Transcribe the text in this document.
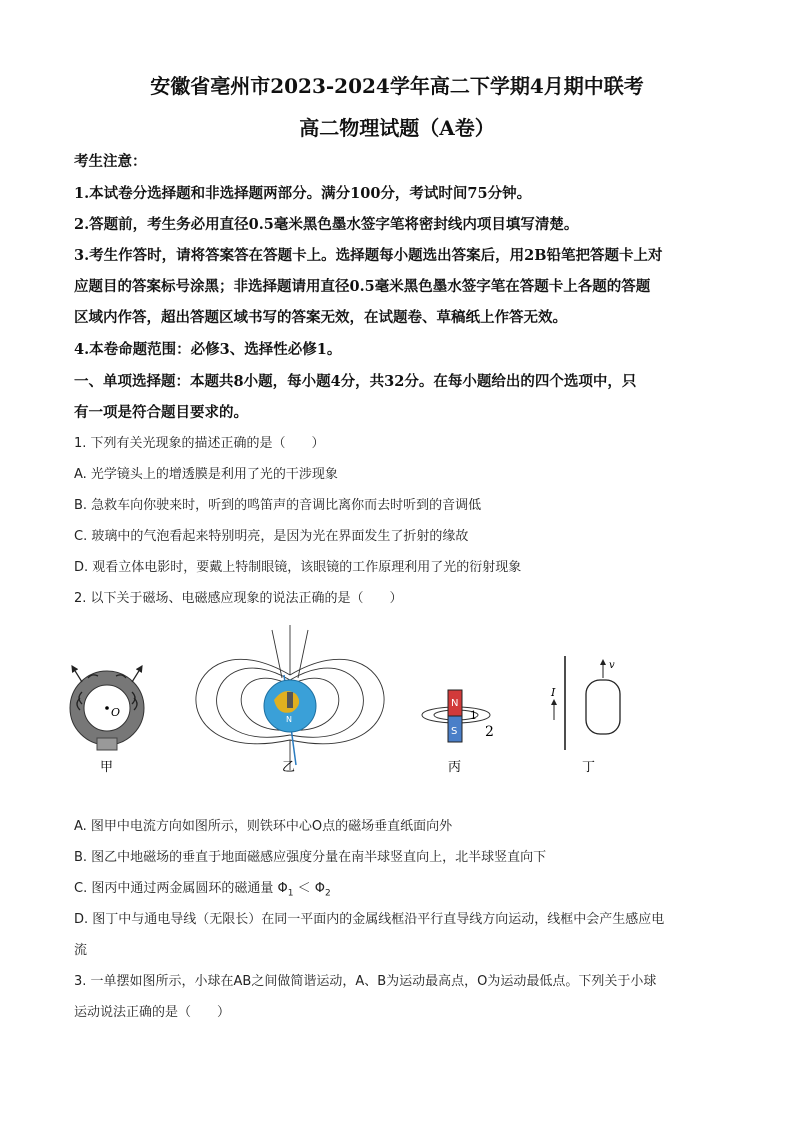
安徽省亳州市2023-2024学年高二下学期4月期中联考
高二物理试题（A卷）
考生注意：
1.本试卷分选择题和非选择题两部分。满分100分，考试时间75分钟。
2.答题前，考生务必用直径0.5毫米黑色墨水签字笔将密封线内项目填写清楚。
3.考生作答时，请将答案答在答题卡上。选择题每小题选出答案后，用2B铅笔把答题卡上对
应题目的答案标号涂黑；非选择题请用直径0.5毫米黑色墨水签字笔在答题卡上各题的答题
区域内作答，超出答题区域书写的答案无效，在试题卷、草稿纸上作答无效。
4.本卷命题范围：必修3、选择性必修1。
一、单项选择题：本题共8小题，每小题4分，共32分。在每小题给出的四个选项中，只
有一项是符合题目要求的。
1. 下列有关光现象的描述正确的是（　　）
A. 光学镜头上的增透膜是利用了光的干涉现象
B. 急救车向你驶来时，听到的鸣笛声的音调比离你而去时听到的音调低
C. 玻璃中的气泡看起来特别明亮，是因为光在界面发生了折射的缘故
D. 观看立体电影时，要戴上特制眼镜，该眼镜的工作原理利用了光的衍射现象
2. 以下关于磁场、电磁感应现象的说法正确的是（　　）
O
甲
N
乙
N
S
1
2
丙
I
v
丁
A. 图甲中电流方向如图所示，则铁环中心O点的磁场垂直纸面向外
B. 图乙中地磁场的垂直于地面磁感应强度分量在南半球竖直向上，北半球竖直向下
C. 图丙中通过两金属圆环的磁通量 $\Phi_1 < \Phi_2$
D. 图丁中与通电导线（无限长）在同一平面内的金属线框沿平行直导线方向运动，线框中会产生感应电
流
3. 一单摆如图所示，小球在AB之间做简谐运动，A、B为运动最高点，O为运动最低点。下列关于小球
运动说法正确的是（　　）
